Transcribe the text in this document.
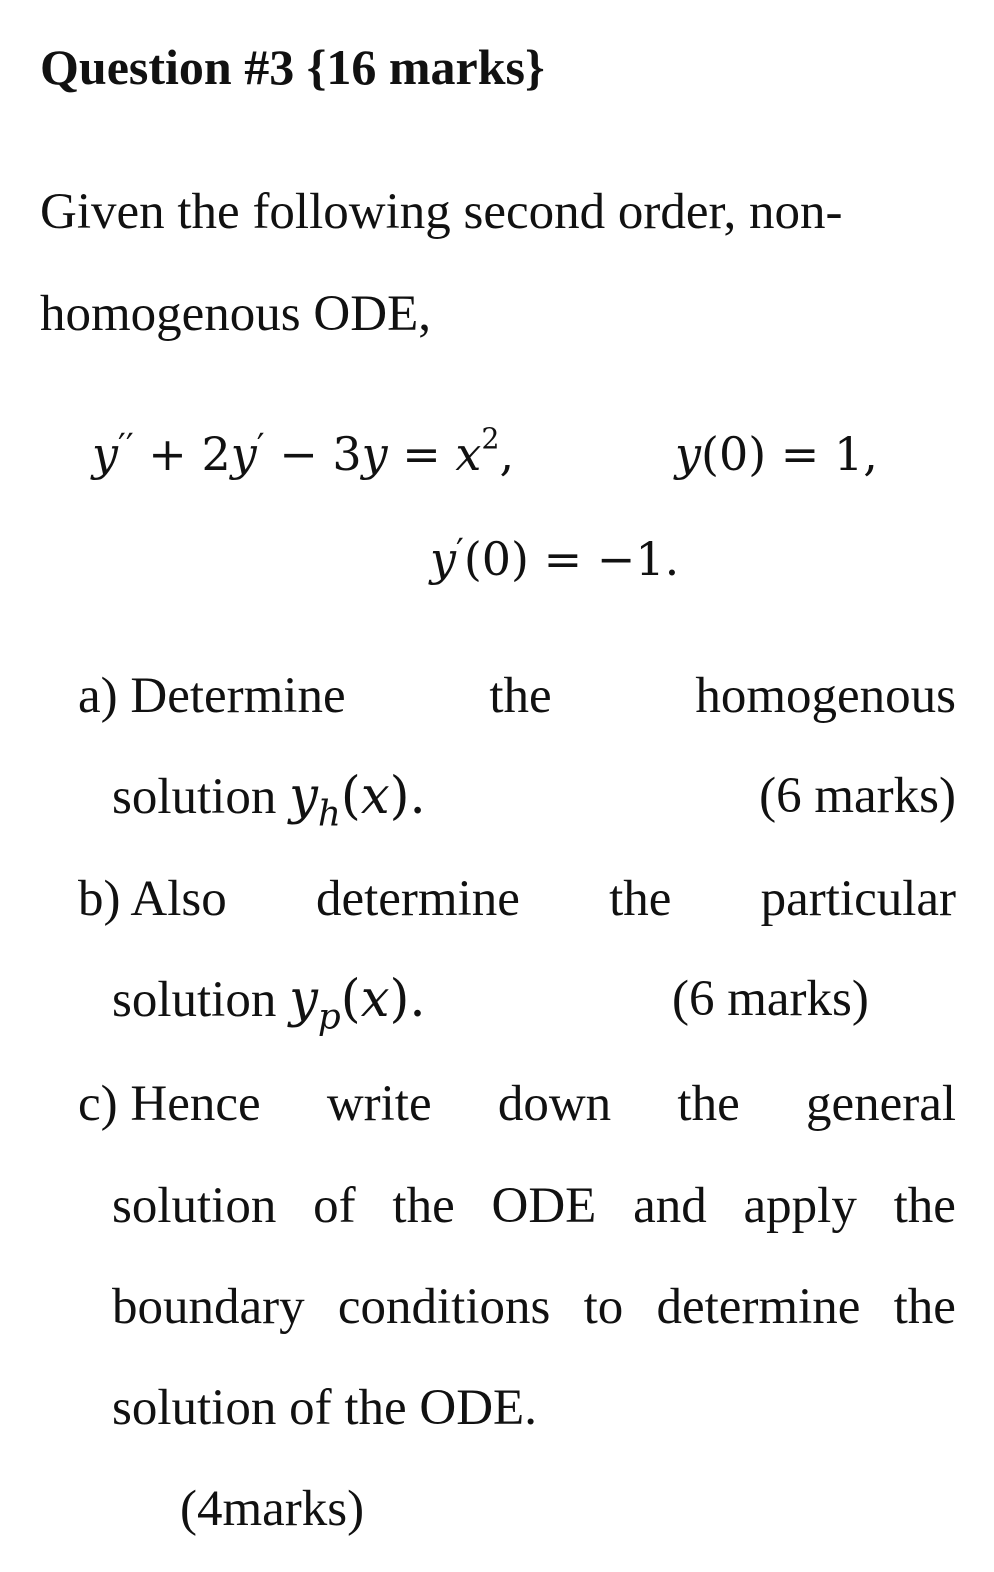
Question #3 {16 marks}
Given the following second order, non-
homogenous ODE,
$y'' + 2y' - 3y = x^2$,	y(0) = 1,
y′(0) = −1.
a) Determine	the	homogenous
solution $y_h(x)$.	(6 marks)
b) Also determine the particular
solution $y_p(x)$.	(6 marks)
c) Hence write down the general
solution of the ODE and apply the
boundary conditions to determine the
solution of the ODE.
(4marks)
